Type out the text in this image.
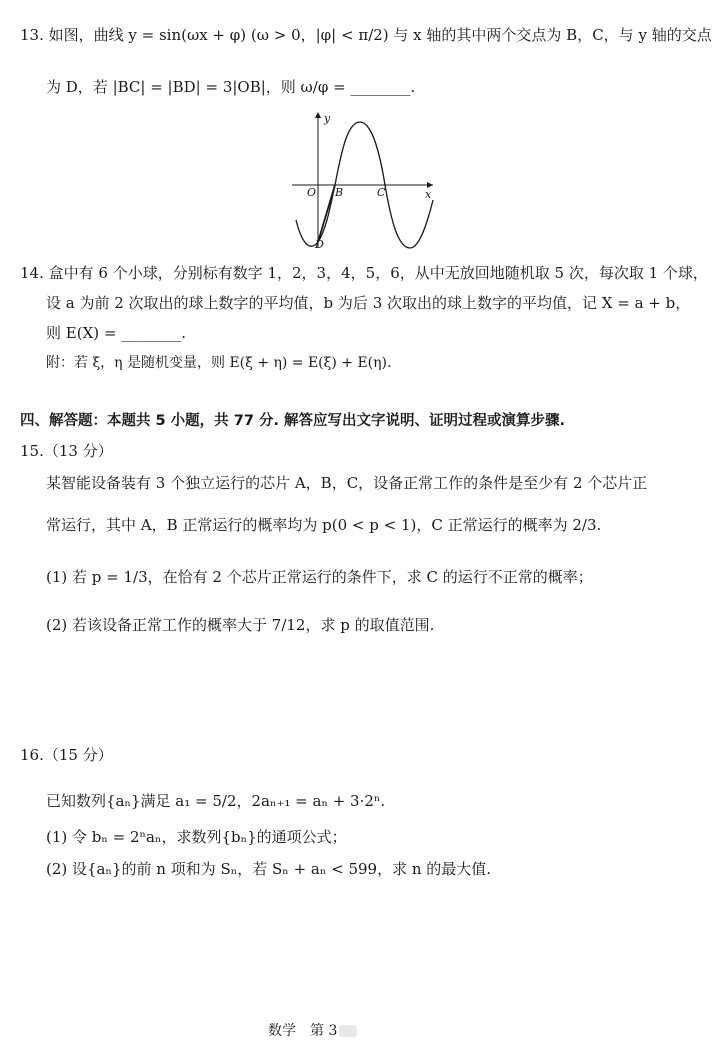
13. 如图，曲线 y = sin(ωx + φ) (ω > 0，|φ| < π/2) 与 x 轴的其中两个交点为 B，C，与 y 轴的交点
为 D，若 |BC| = |BD| = 3|OB|，则 ω/φ = ________.
y
x
O B	C
D
14. 盒中有 6 个小球，分别标有数字 1，2，3，4，5，6，从中无放回地随机取 5 次，每次取 1 个球，
设 a 为前 2 次取出的球上数字的平均值，b 为后 3 次取出的球上数字的平均值，记 X = a + b，
则 E(X) = ________.
附：若 ξ，η 是随机变量，则 E(ξ + η) = E(ξ) + E(η).
四、解答题：本题共 5 小题，共 77 分. 解答应写出文字说明、证明过程或演算步骤.
15.（13 分）
某智能设备装有 3 个独立运行的芯片 A，B，C，设备正常工作的条件是至少有 2 个芯片正
常运行，其中 A，B 正常运行的概率均为 p(0 < p < 1)，C 正常运行的概率为 2/3.
(1) 若 p = 1/3，在恰有 2 个芯片正常运行的条件下，求 C 的运行不正常的概率；
(2) 若该设备正常工作的概率大于 7/12，求 p 的取值范围.
16.（15 分）
已知数列{aₙ}满足 a₁ = 5/2，2aₙ₊₁ = aₙ + 3·2ⁿ.
(1) 令 bₙ = 2ⁿaₙ，求数列{bₙ}的通项公式；
(2) 设{aₙ}的前 n 项和为 Sₙ，若 Sₙ + aₙ < 599，求 n 的最大值.
数学　第 3
